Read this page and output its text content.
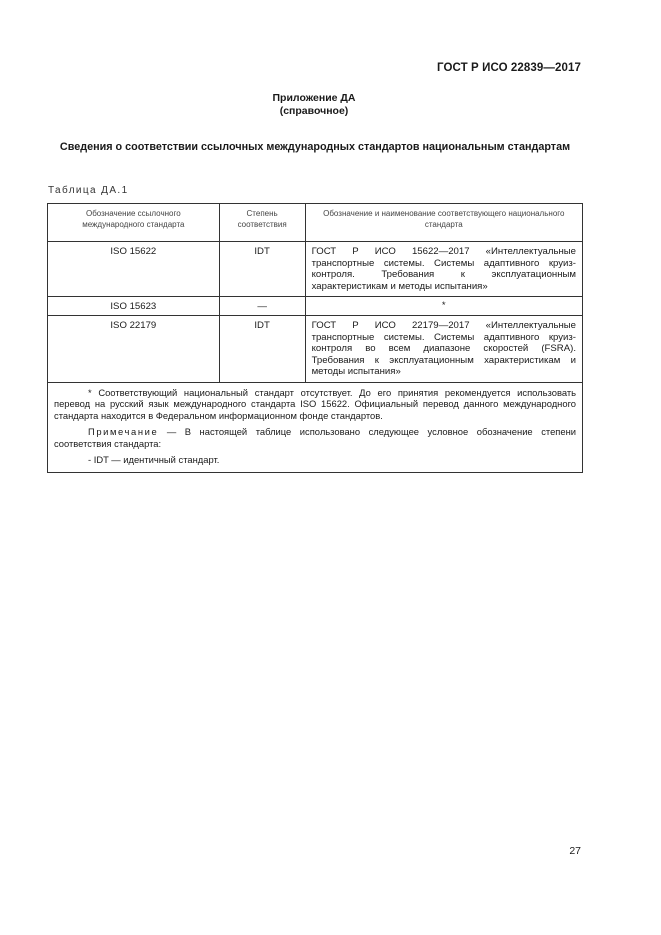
ГОСТ Р ИСО 22839—2017
Приложение ДА
(справочное)
Сведения о соответствии ссылочных международных стандартов национальным стандартам
Таблица ДА.1
Обозначение ссылочного международного стандарта	Степень соответствия	Обозначение и наименование соответствующего национального стандарта
ISO 15622	IDT	ГОСТ Р ИСО 15622—2017 «Интеллектуальные транспортные системы. Системы адаптивного круиз-контроля. Требования к эксплуатационным характеристикам и методы испытания»
ISO 15623	—	*
ISO 22179	IDT	ГОСТ Р ИСО 22179—2017 «Интеллектуальные транспортные системы. Системы адаптивного круиз-контроля во всем диапазоне скоростей (FSRA). Требования к эксплуатационным характеристикам и методы испытания»

* Соответствующий национальный стандарт отсутствует. До его принятия рекомендуется использовать перевод на русский язык международного стандарта ISO 15622. Официальный перевод данного международного стандарта находится в Федеральном информационном фонде стандартов.

Примечание — В настоящей таблице использовано следующее условное обозначение степени соответствия стандарта:

- IDT — идентичный стандарт.		

27
